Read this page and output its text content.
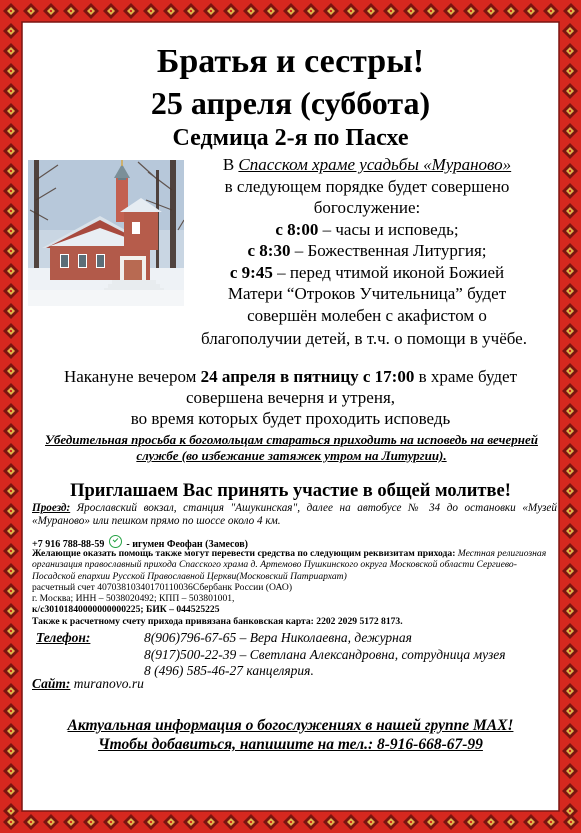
Братья и сестры!
25 апреля (суббота)
Седмица 2-я по Пасхе
В Спасском храме усадьбы «Мураново»
в следующем порядке будет совершено
богослужение:
с 8:00 – часы и исповедь;
с 8:30 – Божественная Литургия;
с 9:45 – перед чтимой иконой Божией
Матери “Отроков Учительница” будет
совершён молебен с акафистом о
благополучии детей, в т.ч. о помощи в учёбе.
Накануне вечером 24 апреля в пятницу с 17:00 в храме будет
совершена вечерня и утреня,
во время которых будет проходить исповедь
Убедительная просьба к богомольцам стараться приходить на исповедь на вечерней службе (во избежание затяжек утром на Литургии).
Приглашаем Вас принять участие в общей молитве!
Проезд: Ярославский вокзал, станция "Ашукинская", далее на автобусе № 34 до остановки «Музей «Мураново» или пешком прямо по шоссе около 4 км.
+7 916 788-88-59 - игумен Феофан (Замесов)
Желающие оказать помощь также могут перевести средства по следующим реквизитам прихода: Местная религиозная организация православный прихода Спасского храма д. Артемово Пушкинского округа Московской области Сергиево-Посадской епархии Русской Православной Церкви(Московский Патриархат)
расчетный счет 40703810340170110036Сбербанк России (ОАО)
г. Москва; ИНН – 5038020492; КПП – 503801001,
к/с30101840000000000225; БИК – 044525225
Также к расчетному счету прихода привязана банковская карта: 2202 2029 5172 8173.
Телефон:	8(906)796-67-65 – Вера Николаевна, дежурная
8(917)500-22-39 – Светлана Александровна, сотрудница музея
8 (496) 585-46-27 канцелярия.
Сайт: muranovo.ru
Актуальная информация о богослужениях в нашей группе MAX!
Чтобы добавиться, напишите на тел.: 8-916-668-67-99
